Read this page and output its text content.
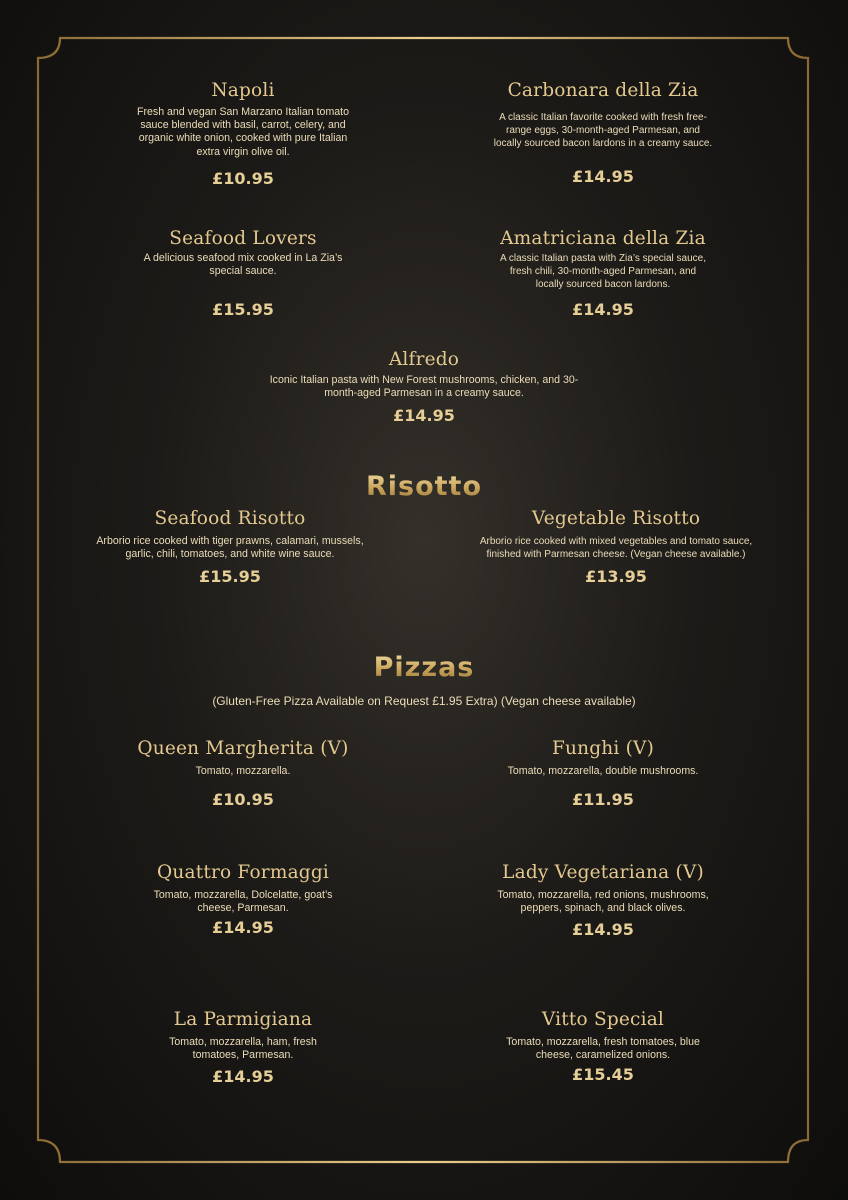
Napoli
Fresh and vegan San Marzano Italian tomato sauce blended with basil, carrot, celery, and organic white onion, cooked with pure Italian extra virgin olive oil.
£10.95
Carbonara della Zia
A classic Italian favorite cooked with fresh free-range eggs, 30-month-aged Parmesan, and locally sourced bacon lardons in a creamy sauce.
£14.95
Seafood Lovers
A delicious seafood mix cooked in La Zia’s special sauce.
£15.95
Amatriciana della Zia
A classic Italian pasta with Zia’s special sauce, fresh chili, 30-month-aged Parmesan, and locally sourced bacon lardons.
£14.95
Alfredo
Iconic Italian pasta with New Forest mushrooms, chicken, and 30-month-aged Parmesan in a creamy sauce.
£14.95
Risotto
Seafood Risotto
Arborio rice cooked with tiger prawns, calamari, mussels, garlic, chili, tomatoes, and white wine sauce.
£15.95
Vegetable Risotto
Arborio rice cooked with mixed vegetables and tomato sauce, finished with Parmesan cheese. (Vegan cheese available.)
£13.95
Pizzas
(Gluten-Free Pizza Available on Request £1.95 Extra) (Vegan cheese available)
Queen Margherita (V)
Tomato, mozzarella.
£10.95
Funghi (V)
Tomato, mozzarella, double mushrooms.
£11.95
Quattro Formaggi
Tomato, mozzarella, Dolcelatte, goat’s cheese, Parmesan.
£14.95
Lady Vegetariana (V)
Tomato, mozzarella, red onions, mushrooms, peppers, spinach, and black olives.
£14.95
La Parmigiana
Tomato, mozzarella, ham, fresh tomatoes, Parmesan.
£14.95
Vitto Special
Tomato, mozzarella, fresh tomatoes, blue cheese, caramelized onions.
£15.45
